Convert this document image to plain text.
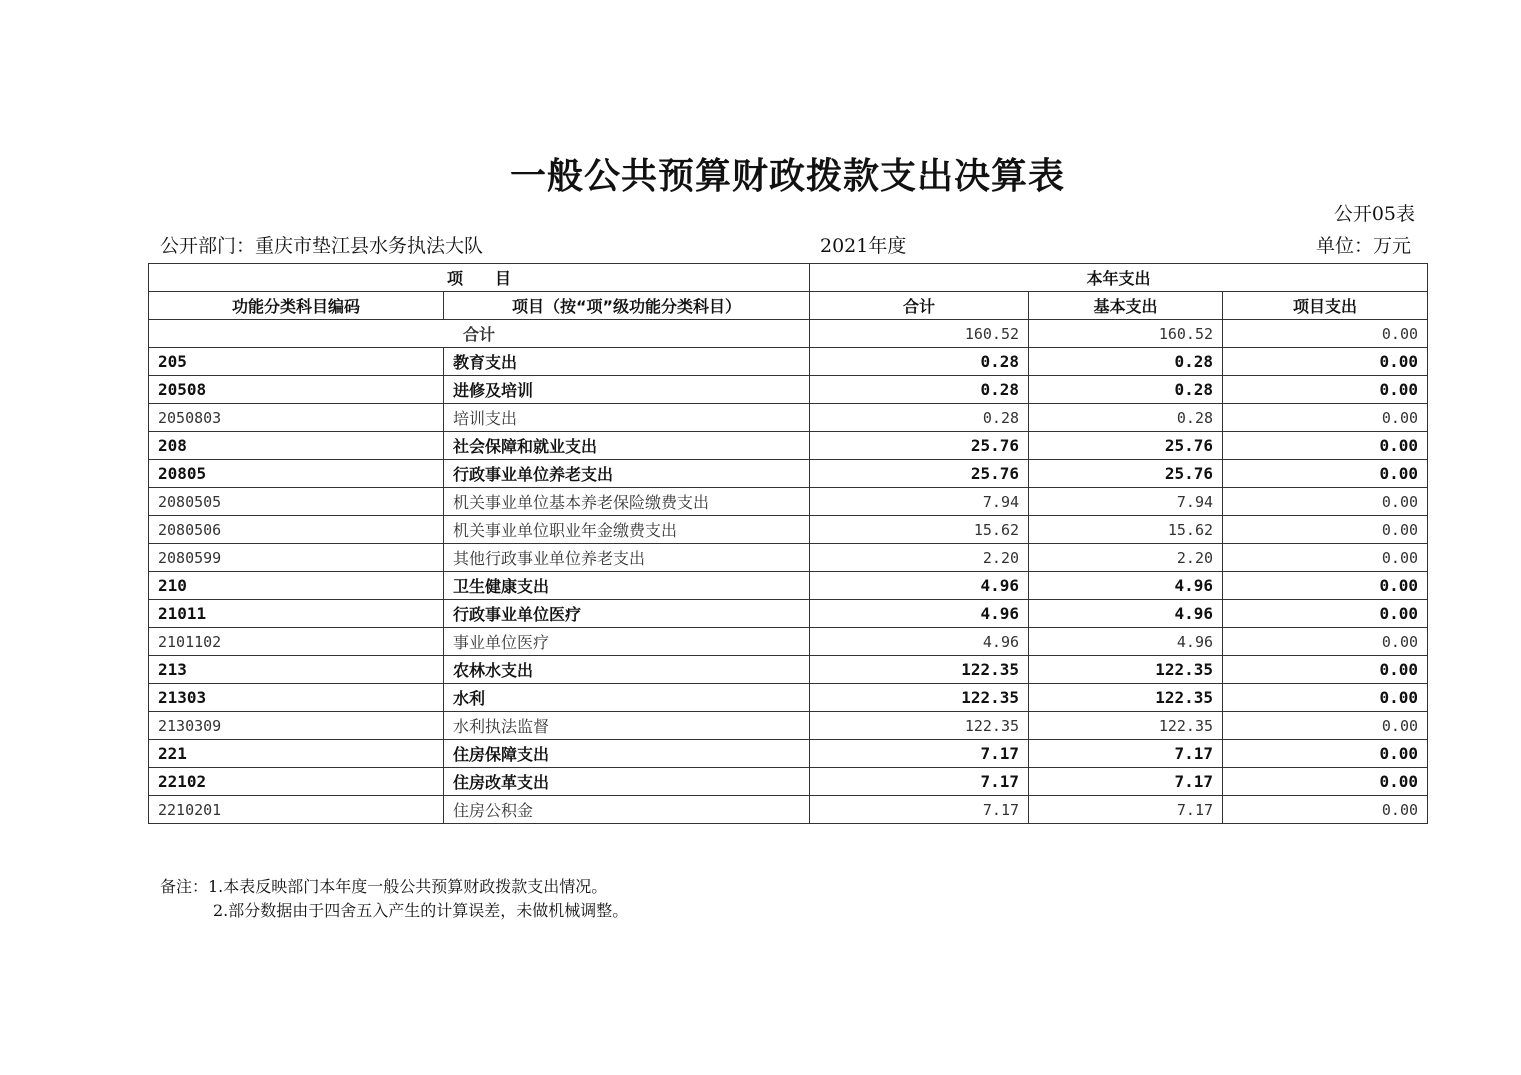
一般公共预算财政拨款支出决算表
公开05表
公开部门：重庆市垫江县水务执法大队	2021年度	单位：万元
项　　目		本年支出		
功能分类科目编码	项目（按“项”级功能分类科目）	合计	基本支出	项目支出
合计		160.52	160.52	0.00
205	教育支出	0.28	0.28	0.00
20508	进修及培训	0.28	0.28	0.00
2050803	培训支出	0.28	0.28	0.00
208	社会保障和就业支出	25.76	25.76	0.00
20805	行政事业单位养老支出	25.76	25.76	0.00
2080505	机关事业单位基本养老保险缴费支出	7.94	7.94	0.00
2080506	机关事业单位职业年金缴费支出	15.62	15.62	0.00
2080599	其他行政事业单位养老支出	2.20	2.20	0.00
210	卫生健康支出	4.96	4.96	0.00
21011	行政事业单位医疗	4.96	4.96	0.00
2101102	事业单位医疗	4.96	4.96	0.00
213	农林水支出	122.35	122.35	0.00
21303	水利	122.35	122.35	0.00
2130309	水利执法监督	122.35	122.35	0.00
221	住房保障支出	7.17	7.17	0.00
22102	住房改革支出	7.17	7.17	0.00
2210201	住房公积金	7.17	7.17	0.00
备注：1.本表反映部门本年度一般公共预算财政拨款支出情况。
2.部分数据由于四舍五入产生的计算误差，未做机械调整。
